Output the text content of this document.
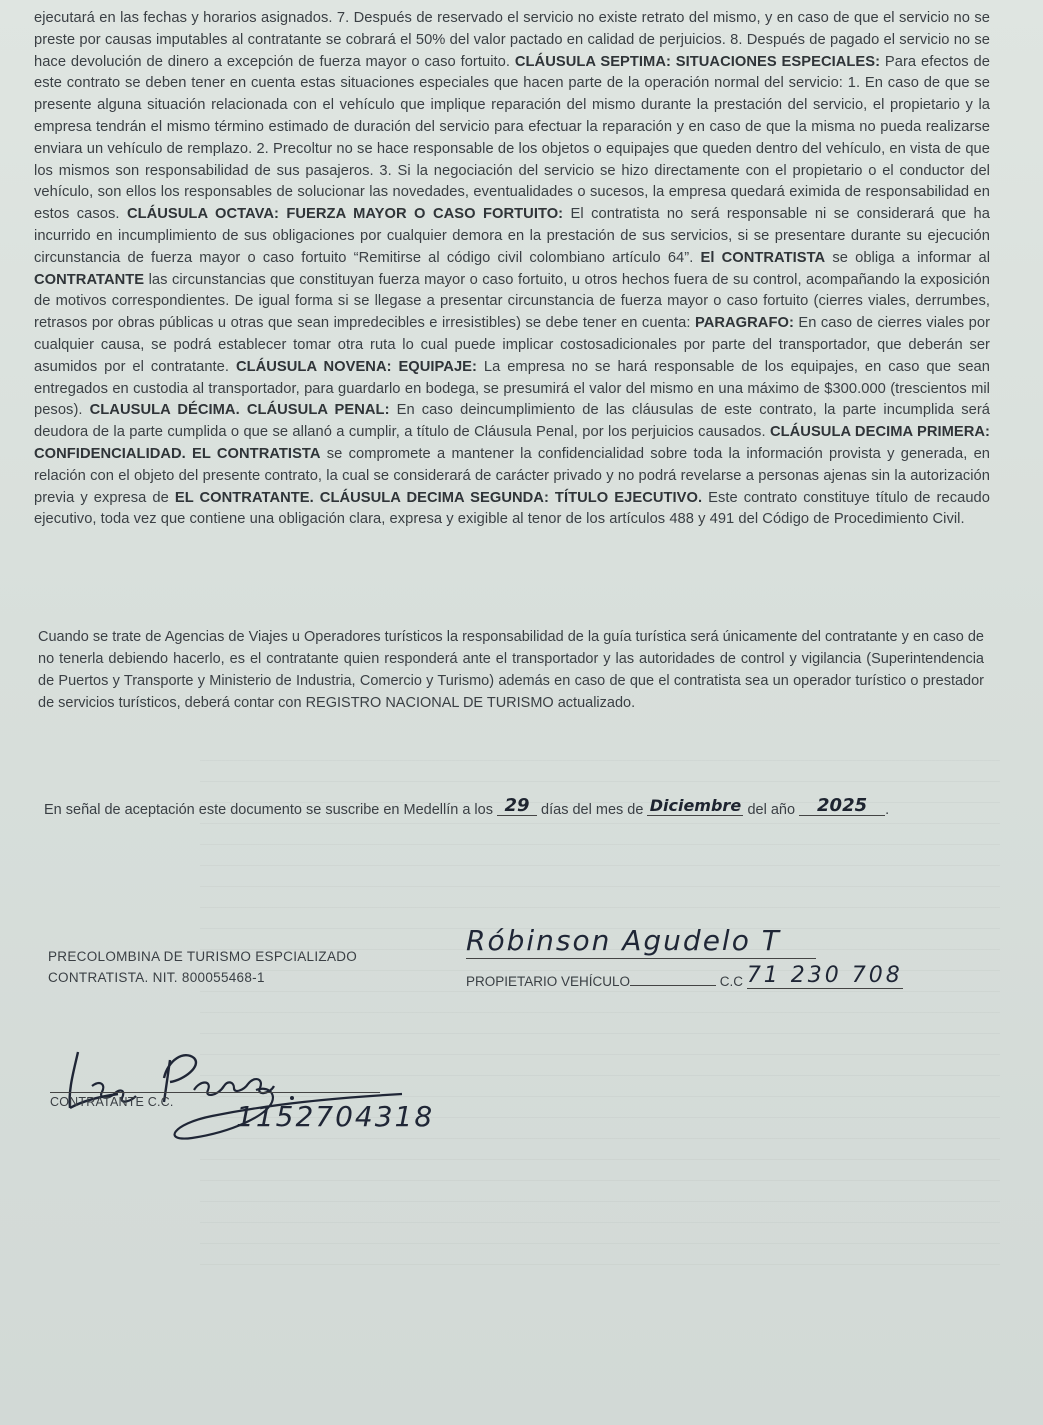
ejecutará en las fechas y horarios asignados. 7. Después de reservado el servicio no existe retrato del mismo, y en caso de que el servicio no se preste por causas imputables al contratante se cobrará el 50% del valor pactado en calidad de perjuicios. 8. Después de pagado el servicio no se hace devolución de dinero a excepción de fuerza mayor o caso fortuito. CLÁUSULA SEPTIMA: SITUACIONES ESPECIALES: Para efectos de este contrato se deben tener en cuenta estas situaciones especiales que hacen parte de la operación normal del servicio: 1. En caso de que se presente alguna situación relacionada con el vehículo que implique reparación del mismo durante la prestación del servicio, el propietario y la empresa tendrán el mismo término estimado de duración del servicio para efectuar la reparación y en caso de que la misma no pueda realizarse enviara un vehículo de remplazo. 2. Precoltur no se hace responsable de los objetos o equipajes que queden dentro del vehículo, en vista de que los mismos son responsabilidad de sus pasajeros. 3. Si la negociación del servicio se hizo directamente con el propietario o el conductor del vehículo, son ellos los responsables de solucionar las novedades, eventualidades o sucesos, la empresa quedará eximida de responsabilidad en estos casos. CLÁUSULA OCTAVA: FUERZA MAYOR O CASO FORTUITO: El contratista no será responsable ni se considerará que ha incurrido en incumplimiento de sus obligaciones por cualquier demora en la prestación de sus servicios, si se presentare durante su ejecución circunstancia de fuerza mayor o caso fortuito “Remitirse al código civil colombiano artículo 64”. El CONTRATISTA se obliga a informar al CONTRATANTE las circunstancias que constituyan fuerza mayor o caso fortuito, u otros hechos fuera de su control, acompañando la exposición de motivos correspondientes. De igual forma si se llegase a presentar circunstancia de fuerza mayor o caso fortuito (cierres viales, derrumbes, retrasos por obras públicas u otras que sean impredecibles e irresistibles) se debe tener en cuenta: PARAGRAFO: En caso de cierres viales por cualquier causa, se podrá establecer tomar otra ruta lo cual puede implicar costosadicionales por parte del transportador, que deberán ser asumidos por el contratante. CLÁUSULA NOVENA: EQUIPAJE: La empresa no se hará responsable de los equipajes, en caso que sean entregados en custodia al transportador, para guardarlo en bodega, se presumirá el valor del mismo en una máximo de $300.000 (trescientos mil pesos). CLAUSULA DÉCIMA. CLÁUSULA PENAL: En caso deincumplimiento de las cláusulas de este contrato, la parte incumplida será deudora de la parte cumplida o que se allanó a cumplir, a título de Cláusula Penal, por los perjuicios causados. CLÁUSULA DECIMA PRIMERA: CONFIDENCIALIDAD. EL CONTRATISTA se compromete a mantener la confidencialidad sobre toda la información provista y generada, en relación con el objeto del presente contrato, la cual se considerará de carácter privado y no podrá revelarse a personas ajenas sin la autorización previa y expresa de EL CONTRATANTE. CLÁUSULA DECIMA SEGUNDA: TÍTULO EJECUTIVO. Este contrato constituye título de recaudo ejecutivo, toda vez que contiene una obligación clara, expresa y exigible al tenor de los artículos 488 y 491 del Código de Procedimiento Civil.
Cuando se trate de Agencias de Viajes u Operadores turísticos la responsabilidad de la guía turística será únicamente del contratante y en caso de no tenerla debiendo hacerlo, es el contratante quien responderá ante el transportador y las autoridades de control y vigilancia (Superintendencia de Puertos y Transporte y Ministerio de Industria, Comercio y Turismo) además en caso de que el contratista sea un operador turístico o prestador de servicios turísticos, deberá contar con REGISTRO NACIONAL DE TURISMO actualizado.
En señal de aceptación este documento se suscribe en Medellín a los 29 días del mes de Diciembre del año 2025 .
PRECOLOMBINA DE TURISMO ESPCIALIZADO
CONTRATISTA. NIT. 800055468-1
Róbinson Agudelo T
PROPIETARIO VEHÍCULO	C.C 71 230 708
CONTRATANTE C.C.	1152704318
